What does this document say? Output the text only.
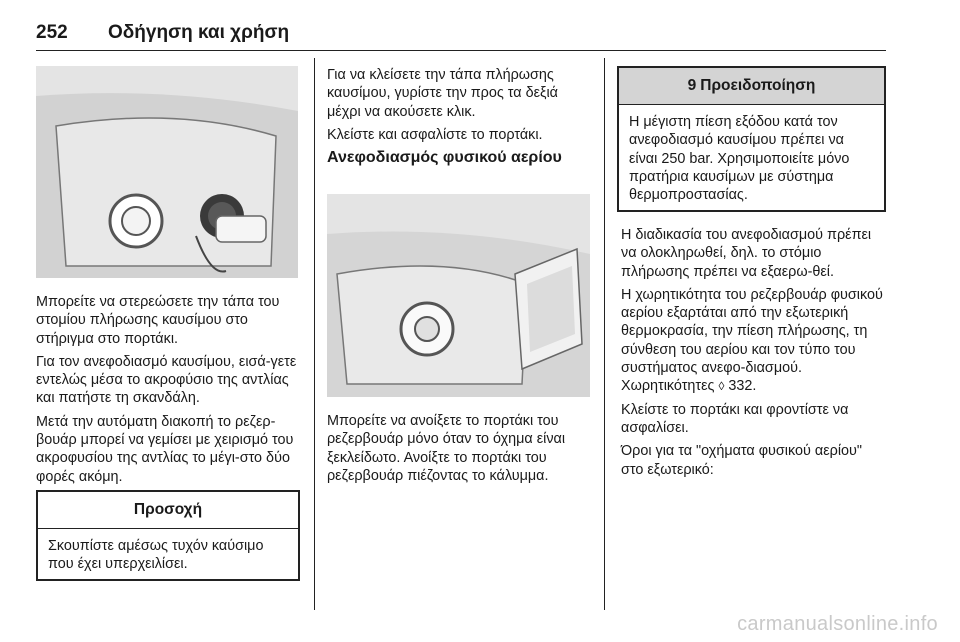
252 Οδήγηση και χρήση

Μπορείτε να στερεώσετε την τάπα του στομίου πλήρωσης καυσίμου στο στήριγμα στο πορτάκι.

Για τον ανεφοδιασμό καυσίμου, εισά-γετε εντελώς μέσα το ακροφύσιο της αντλίας και πατήστε τη σκανδάλη.

Μετά την αυτόματη διακοπή το ρεζερ-βουάρ μπορεί να γεμίσει με χειρισμό του ακροφυσίου της αντλίας το μέγι-στο δύο φορές ακόμη.

Προσοχή
Σκουπίστε αμέσως τυχόν καύσιμο που έχει υπερχειλίσει.

Για να κλείσετε την τάπα πλήρωσης καυσίμου, γυρίστε την προς τα δεξιά μέχρι να ακούσετε κλικ.

Κλείστε και ασφαλίστε το πορτάκι.

Ανεφοδιασμός φυσικού αερίου

Μπορείτε να ανοίξετε το πορτάκι του ρεζερβουάρ μόνο όταν το όχημα είναι ξεκλείδωτο. Ανοίξτε το πορτάκι του ρεζερβουάρ πιέζοντας το κάλυμμα.

9 Προειδοποίηση
Η μέγιστη πίεση εξόδου κατά τον ανεφοδιασμό καυσίμου πρέπει να είναι 250 bar. Χρησιμοποιείτε μόνο πρατήρια καυσίμων με σύστημα θερμοπροστασίας.

Η διαδικασία του ανεφοδιασμού πρέπει να ολοκληρωθεί, δηλ. το στόμιο πλήρωσης πρέπει να εξαερω-θεί.

Η χωρητικότητα του ρεζερβουάρ φυσικού αερίου εξαρτάται από την εξωτερική θερμοκρασία, την πίεση πλήρωσης, τη σύνθεση του αερίου και τον τύπο του συστήματος ανεφο-διασμού. Χωρητικότητες ◊ 332.

Κλείστε το πορτάκι και φροντίστε να ασφαλίσει.

Όροι για τα "οχήματα φυσικού αερίου" στο εξωτερικό:

carmanualsonline.info
